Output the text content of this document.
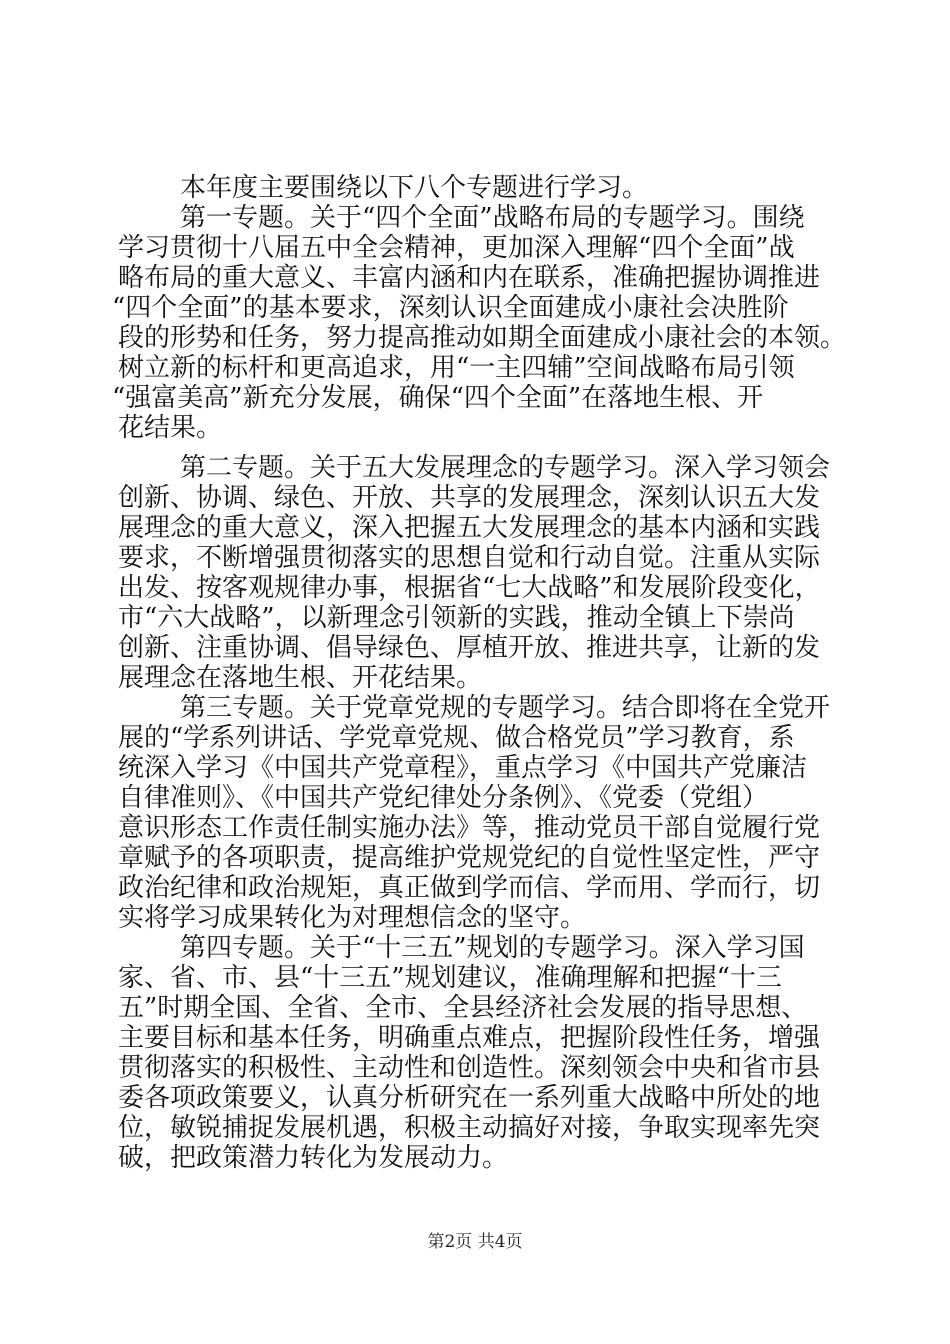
本年度主要围绕以下八个专题进行学习。
第一专题。关于“四个全面”战略布局的专题学习。围绕
学习贯彻十八届五中全会精神，更加深入理解“四个全面”战
略布局的重大意义、丰富内涵和内在联系，准确把握协调推进
“四个全面”的基本要求，深刻认识全面建成小康社会决胜阶
段的形势和任务，努力提高推动如期全面建成小康社会的本领。
树立新的标杆和更高追求，用“一主四辅”空间战略布局引领
“强富美高”新充分发展，确保“四个全面”在落地生根、开
花结果。
第二专题。关于五大发展理念的专题学习。深入学习领会
创新、协调、绿色、开放、共享的发展理念，深刻认识五大发
展理念的重大意义，深入把握五大发展理念的基本内涵和实践
要求，不断增强贯彻落实的思想自觉和行动自觉。注重从实际
出发、按客观规律办事，根据省“七大战略”和发展阶段变化，
市“六大战略”，以新理念引领新的实践，推动全镇上下崇尚
创新、注重协调、倡导绿色、厚植开放、推进共享，让新的发
展理念在落地生根、开花结果。
第三专题。关于党章党规的专题学习。结合即将在全党开
展的“学系列讲话、学党章党规、做合格党员”学习教育，系
统深入学习《中国共产党章程》，重点学习《中国共产党廉洁
自律准则》、《中国共产党纪律处分条例》、《党委（党组）
意识形态工作责任制实施办法》等，推动党员干部自觉履行党
章赋予的各项职责，提高维护党规党纪的自觉性坚定性，严守
政治纪律和政治规矩，真正做到学而信、学而用、学而行，切
实将学习成果转化为对理想信念的坚守。
第四专题。关于“十三五”规划的专题学习。深入学习国
家、省、市、县“十三五”规划建议，准确理解和把握“十三
五”时期全国、全省、全市、全县经济社会发展的指导思想、
主要目标和基本任务，明确重点难点，把握阶段性任务，增强
贯彻落实的积极性、主动性和创造性。深刻领会中央和省市县
委各项政策要义，认真分析研究在一系列重大战略中所处的地
位，敏锐捕捉发展机遇，积极主动搞好对接，争取实现率先突
破，把政策潜力转化为发展动力。
第2页 共4页
